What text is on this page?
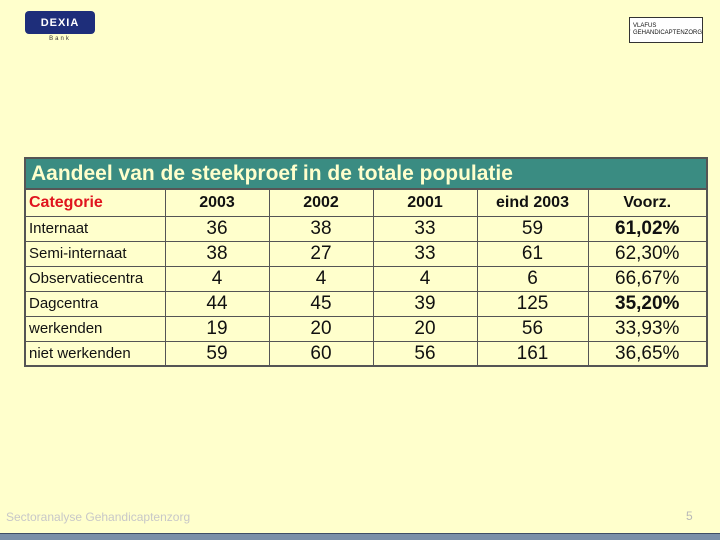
DEXIA
Bank
VLAFUS
GEHANDICAPTENZORG
Aandeel van de steekproef in de totale populatie
Categorie	2003	2002	2001	eind 2003	Voorz.
Internaat	36	38	33	59	61,02%
Semi-internaat	38	27	33	61	62,30%
Observatiecentra	4	4	4	6	66,67%
Dagcentra	44	45	39	125	35,20%
werkenden	19	20	20	56	33,93%
niet werkenden	59	60	56	161	36,65%
Sectoranalyse Gehandicaptenzorg	5
